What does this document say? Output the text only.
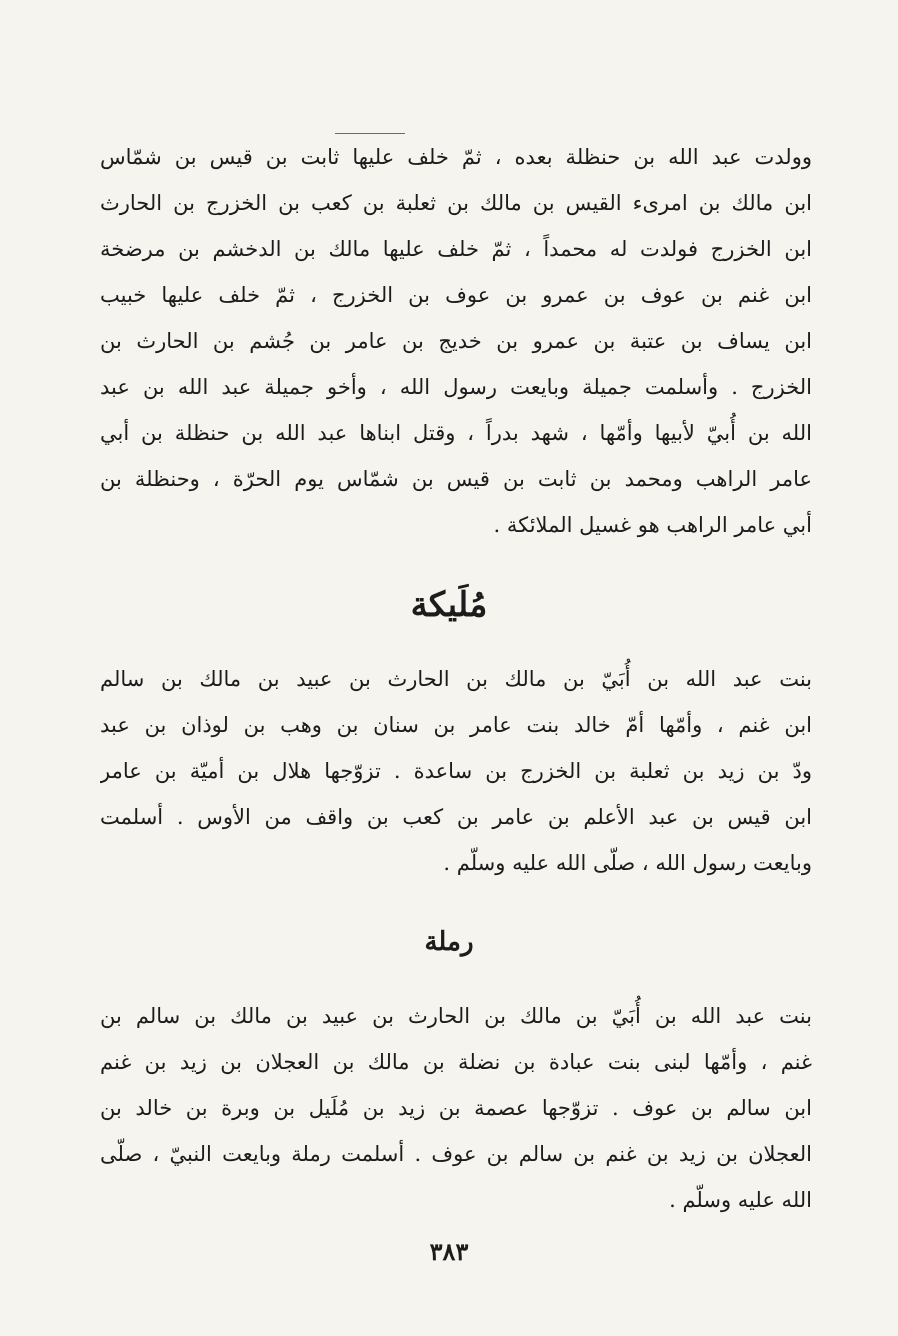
وولدت عبد الله بن حنظلة بعده ، ثمّ خلف عليها ثابت بن قيس بن شمّاس
ابن مالك بن امرىء القيس بن مالك بن ثعلبة بن كعب بن الخزرج بن الحارث
ابن الخزرج فولدت له محمداً ، ثمّ خلف عليها مالك بن الدخشم بن مرضخة
ابن غنم بن عوف بن عمرو بن عوف بن الخزرج ، ثمّ خلف عليها خبيب
ابن يساف بن عتبة بن عمرو بن خديج بن عامر بن جُشم بن الحارث بن
الخزرج . وأسلمت جميلة وبايعت رسول الله ، وأخو جميلة عبد الله بن عبد
الله بن أُبيّ لأبيها وأمّها ، شهد بدراً ، وقتل ابناها عبد الله بن حنظلة بن أبي
عامر الراهب ومحمد بن ثابت بن قيس بن شمّاس يوم الحرّة ، وحنظلة بن
أبي عامر الراهب هو غسيل الملائكة .
مُلَيكة
بنت عبد الله بن أُبَيّ بن مالك بن الحارث بن عبيد بن مالك بن سالم
ابن غنم ، وأمّها أمّ خالد بنت عامر بن سنان بن وهب بن لوذان بن عبد
ودّ بن زيد بن ثعلبة بن الخزرج بن ساعدة . تزوّجها هلال بن أميّة بن عامر
ابن قيس بن عبد الأعلم بن عامر بن كعب بن واقف من الأوس . أسلمت
وبايعت رسول الله ، صلّى الله عليه وسلّم .
رملة
بنت عبد الله بن أُبَيّ بن مالك بن الحارث بن عبيد بن مالك بن سالم بن
غنم ، وأمّها لبنى بنت عبادة بن نضلة بن مالك بن العجلان بن زيد بن غنم
ابن سالم بن عوف . تزوّجها عصمة بن زيد بن مُلَيل بن وبرة بن خالد بن
العجلان بن زيد بن غنم بن سالم بن عوف . أسلمت رملة وبايعت النبيّ ، صلّى
الله عليه وسلّم .
٣٨٣
